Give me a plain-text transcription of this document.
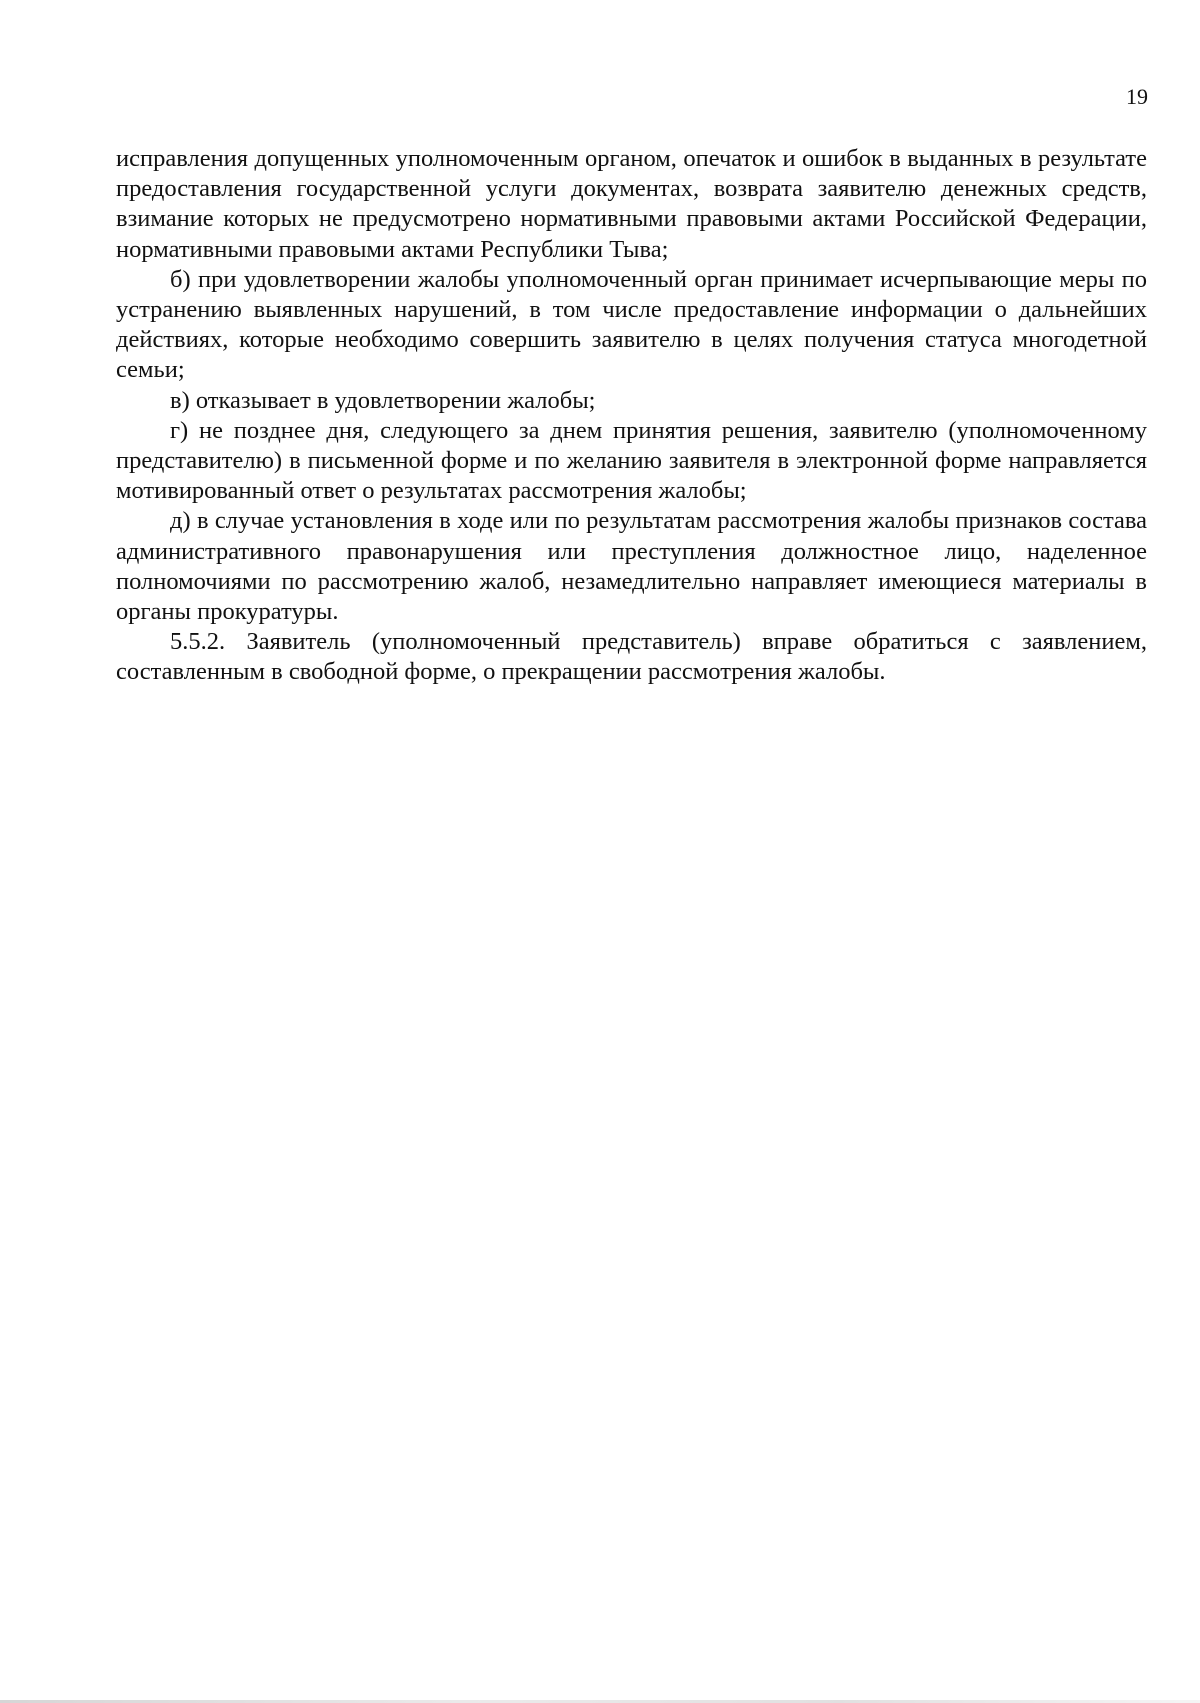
19

исправления допущенных уполномоченным органом, опечаток и ошибок в выданных в результате предоставления государственной услуги документах, возврата заявителю денежных средств, взимание которых не предусмотрено нормативными правовыми актами Российской Федерации, нормативными правовыми актами Республики Тыва;

б) при удовлетворении жалобы уполномоченный орган принимает исчерпывающие меры по устранению выявленных нарушений, в том числе предоставление информации о дальнейших действиях, которые необходимо совершить заявителю в целях получения статуса многодетной семьи;

в) отказывает в удовлетворении жалобы;

г) не позднее дня, следующего за днем принятия решения, заявителю (уполномоченному представителю) в письменной форме и по желанию заявителя в электронной форме направляется мотивированный ответ о результатах рассмотрения жалобы;

д) в случае установления в ходе или по результатам рассмотрения жалобы признаков состава административного правонарушения или преступления должностное лицо, наделенное полномочиями по рассмотрению жалоб, незамедлительно направляет имеющиеся материалы в органы прокуратуры.

5.5.2. Заявитель (уполномоченный представитель) вправе обратиться с заявлением, составленным в свободной форме, о прекращении рассмотрения жалобы.
